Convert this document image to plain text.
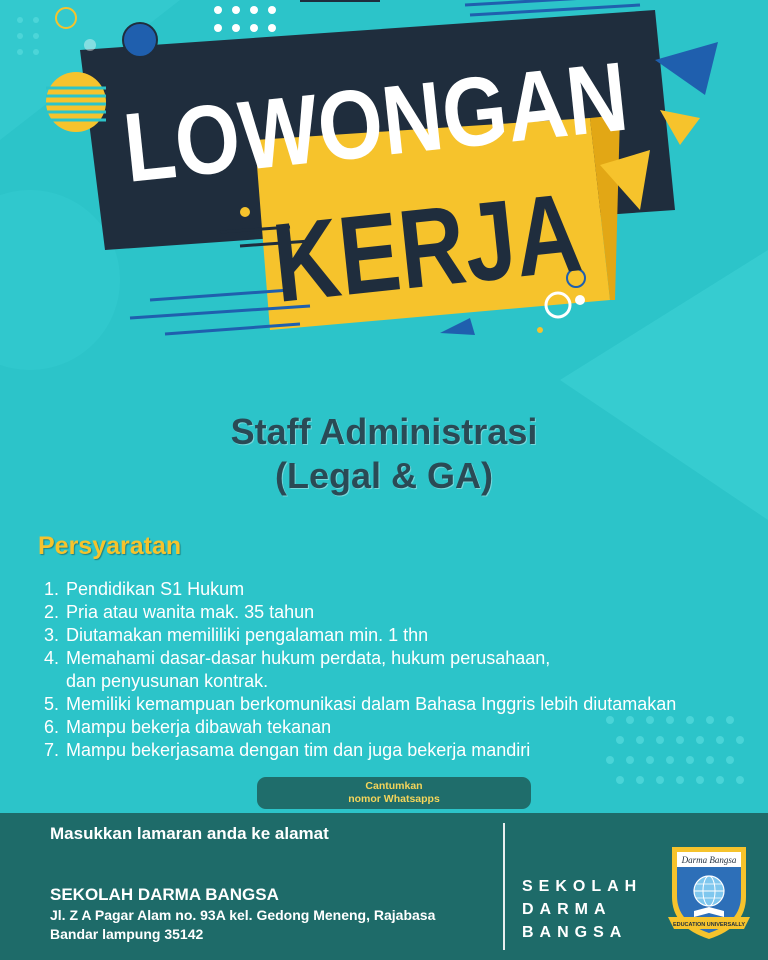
LOWONGAN
KERJA
Staff Administrasi
(Legal & GA)
Persyaratan
1. Pendidikan S1 Hukum
2. Pria atau wanita mak. 35 tahun
3. Diutamakan memililiki pengalaman min. 1 thn
4. Memahami dasar-dasar hukum perdata, hukum perusahaan,
dan penyusunan kontrak.
5. Memiliki kemampuan berkomunikasi dalam Bahasa Inggris lebih diutamakan
6. Mampu bekerja dibawah tekanan
7. Mampu bekerjasama dengan tim dan juga bekerja mandiri
Cantumkan
nomor Whatsapps
Masukkan lamaran anda ke alamat
SEKOLAH DARMA BANGSA
Jl. Z A Pagar Alam no. 93A kel. Gedong Meneng, Rajabasa
Bandar lampung 35142
SEKOLAH
DARMA
BANGSA
Darma Bangsa
EDUCATION UNIVERSALLY
